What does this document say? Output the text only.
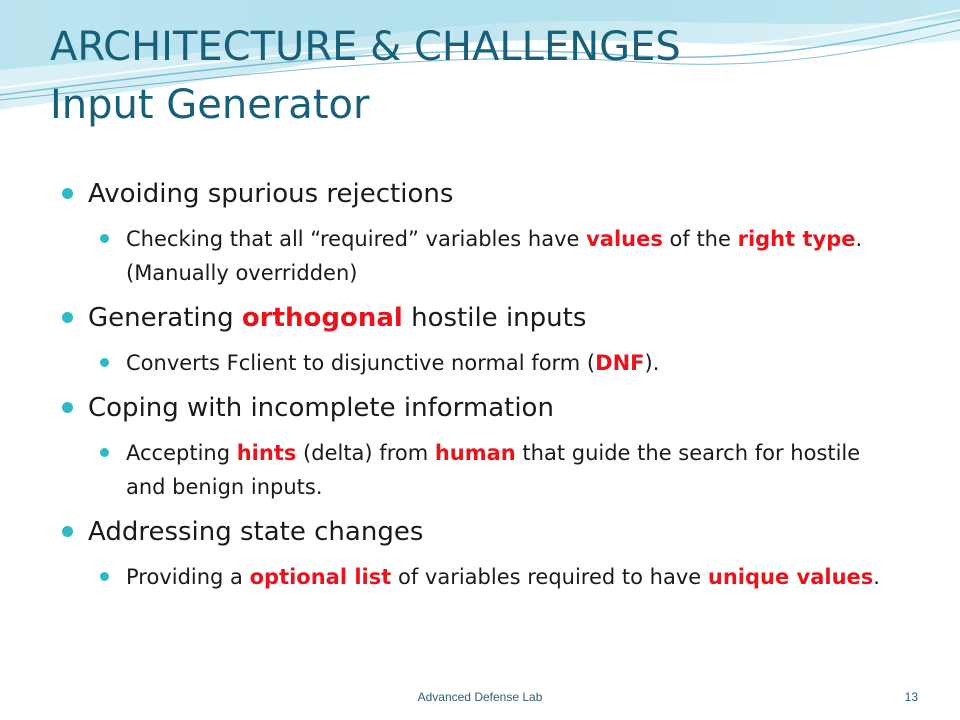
ARCHITECTURE & CHALLENGES
Input Generator
Avoiding spurious rejections
Checking that all “required” variables have values of the right type. (Manually overridden)
Generating orthogonal hostile inputs
Converts Fclient to disjunctive normal form (DNF).
Coping with incomplete information
Accepting hints (delta) from human that guide the search for hostile and benign inputs.
Addressing state changes
Providing a optional list of variables required to have unique values.
Advanced Defense Lab	13
